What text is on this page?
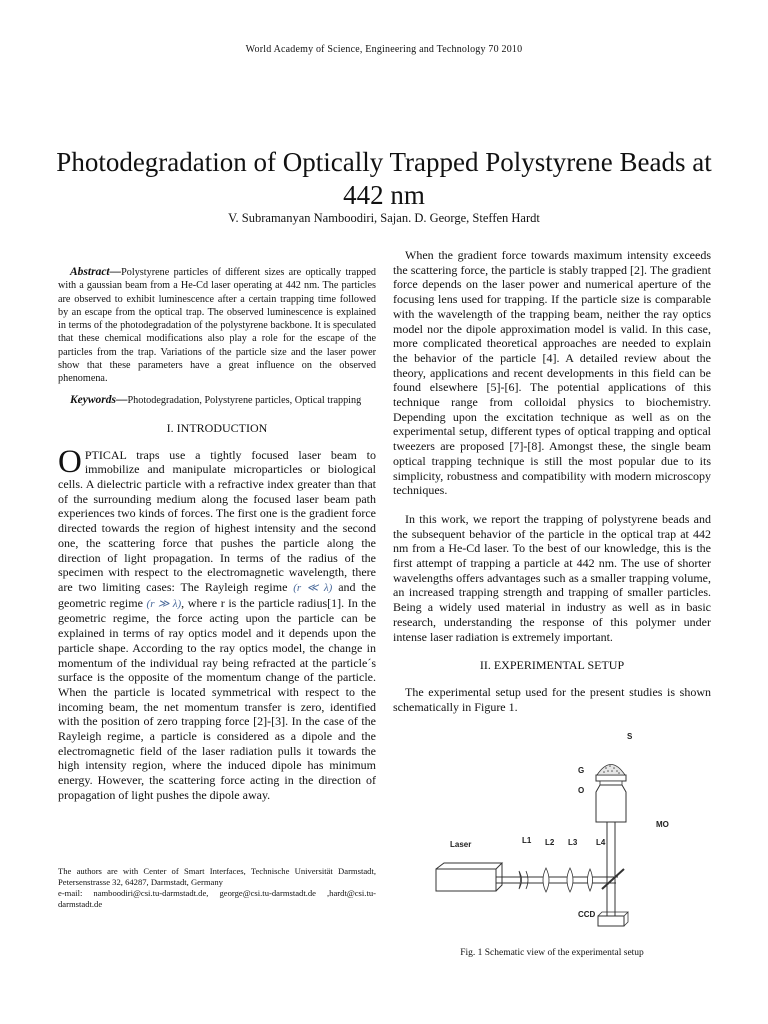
World Academy of Science, Engineering and Technology 70 2010
Photodegradation of Optically Trapped Polystyrene Beads at 442 nm
V. Subramanyan Namboodiri, Sajan. D. George, Steffen Hardt

Abstract—Polystyrene particles of different sizes are optically trapped with a gaussian beam from a He-Cd laser operating at 442 nm. The particles are observed to exhibit luminescence after a certain trapping time followed by an escape from the optical trap. The observed luminescence is explained in terms of the photodegradation of the polystyrene backbone. It is speculated that these chemical modifications also play a role for the escape of the particles from the trap. Variations of the particle size and the laser power show that these parameters have a great influence on the observed phenomena.

Keywords—Photodegradation, Polystyrene particles, Optical trapping

I. INTRODUCTION

OPTICAL traps use a tightly focused laser beam to immobilize and manipulate microparticles or biological cells. A dielectric particle with a refractive index greater than that of the surrounding medium along the focused laser beam path experiences two kinds of forces. The first one is the gradient force directed towards the region of highest intensity and the second one, the scattering force that pushes the particle along the direction of light propagation. In terms of the radius of the specimen with respect to the electromagnetic wavelength, there are two limiting cases: The Rayleigh regime (r ≪ λ) and the geometric regime (r ≫ λ), where r is the particle radius[1]. In the geometric regime, the force acting upon the particle can be explained in terms of ray optics model and it depends upon the particle shape. According to the ray optics model, the change in momentum of the individual ray being refracted at the particle´s surface is the opposite of the momentum change of the particle. When the particle is located symmetrical with respect to the incoming beam, the net momentum transfer is zero, identified with the position of zero trapping force [2]-[3]. In the case of the Rayleigh regime, a particle is considered as a dipole and the electromagnetic field of the laser radiation pulls it towards the high intensity region, where the induced dipole has minimum energy. However, the scattering force acting in the direction of propagation of light pushes the dipole away.

The authors are with Center of Smart Interfaces, Technische Universität Darmstadt, Petersenstrasse 32, 64287, Darmstadt, Germany

e-mail: namboodiri@csi.tu-darmstadt.de, george@csi.tu-darmstadt.de ,hardt@csi.tu-darmstadt.de

When the gradient force towards maximum intensity exceeds the scattering force, the particle is stably trapped [2]. The gradient force depends on the laser power and numerical aperture of the focusing lens used for trapping. If the particle size is comparable with the wavelength of the trapping beam, neither the ray optics model nor the dipole approximation model is valid. In this case, more complicated theoretical approaches are needed to explain the behavior of the particle [4]. A detailed review about the theory, applications and recent developments in this field can be found elsewhere [5]-[6]. The potential applications of this technique range from colloidal physics to biochemistry. Depending upon the excitation technique as well as on the experimental setup, different types of optical trapping and optical tweezers are proposed [7]-[8]. Amongst these, the single beam optical trapping technique is still the most popular due to its simplicity, robustness and compatibility with modern microscopy techniques.

In this work, we report the trapping of polystyrene beads and the subsequent behavior of the particle in the optical trap at 442 nm from a He-Cd laser. To the best of our knowledge, this is the first attempt of trapping a particle at 442 nm. The use of shorter wavelengths offers advantages such as a smaller trapping volume, an increased trapping strength and trapping of smaller particles. Being a widely used material in industry as well as in basic research, understanding the response of this polymer under intense laser radiation is extremely important.

II. EXPERIMENTAL SETUP

The experimental setup used for the present studies is shown schematically in Figure 1.

S
G
O
MO
Laser	L1 L2 L3 L4
CCD
Fig. 1 Schematic view of the experimental setup
